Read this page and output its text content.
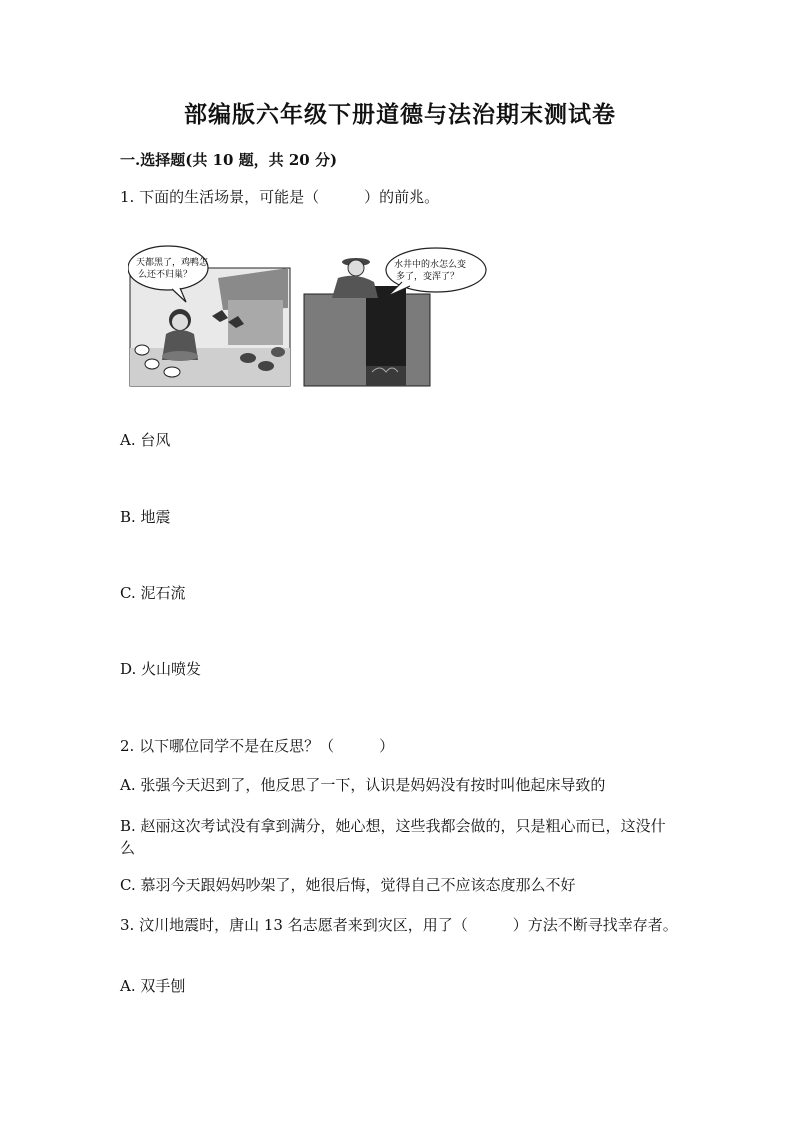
部编版六年级下册道德与法治期末测试卷
一.选择题(共 10 题，共 20 分)
1. 下面的生活场景，可能是（　　　）的前兆。
天都黑了，鸡鸭怎
么还不归巢？
水井中的水怎么变
多了，变浑了？
A. 台风
B. 地震
C. 泥石流
D. 火山喷发
2. 以下哪位同学不是在反思？（　　　）
A. 张强今天迟到了，他反思了一下，认识是妈妈没有按时叫他起床导致的
B. 赵丽这次考试没有拿到满分，她心想，这些我都会做的，只是粗心而已，这没什么
C. 慕羽今天跟妈妈吵架了，她很后悔，觉得自己不应该态度那么不好
3. 汶川地震时，唐山 13 名志愿者来到灾区，用了（　　　）方法不断寻找幸存者。
A. 双手刨
